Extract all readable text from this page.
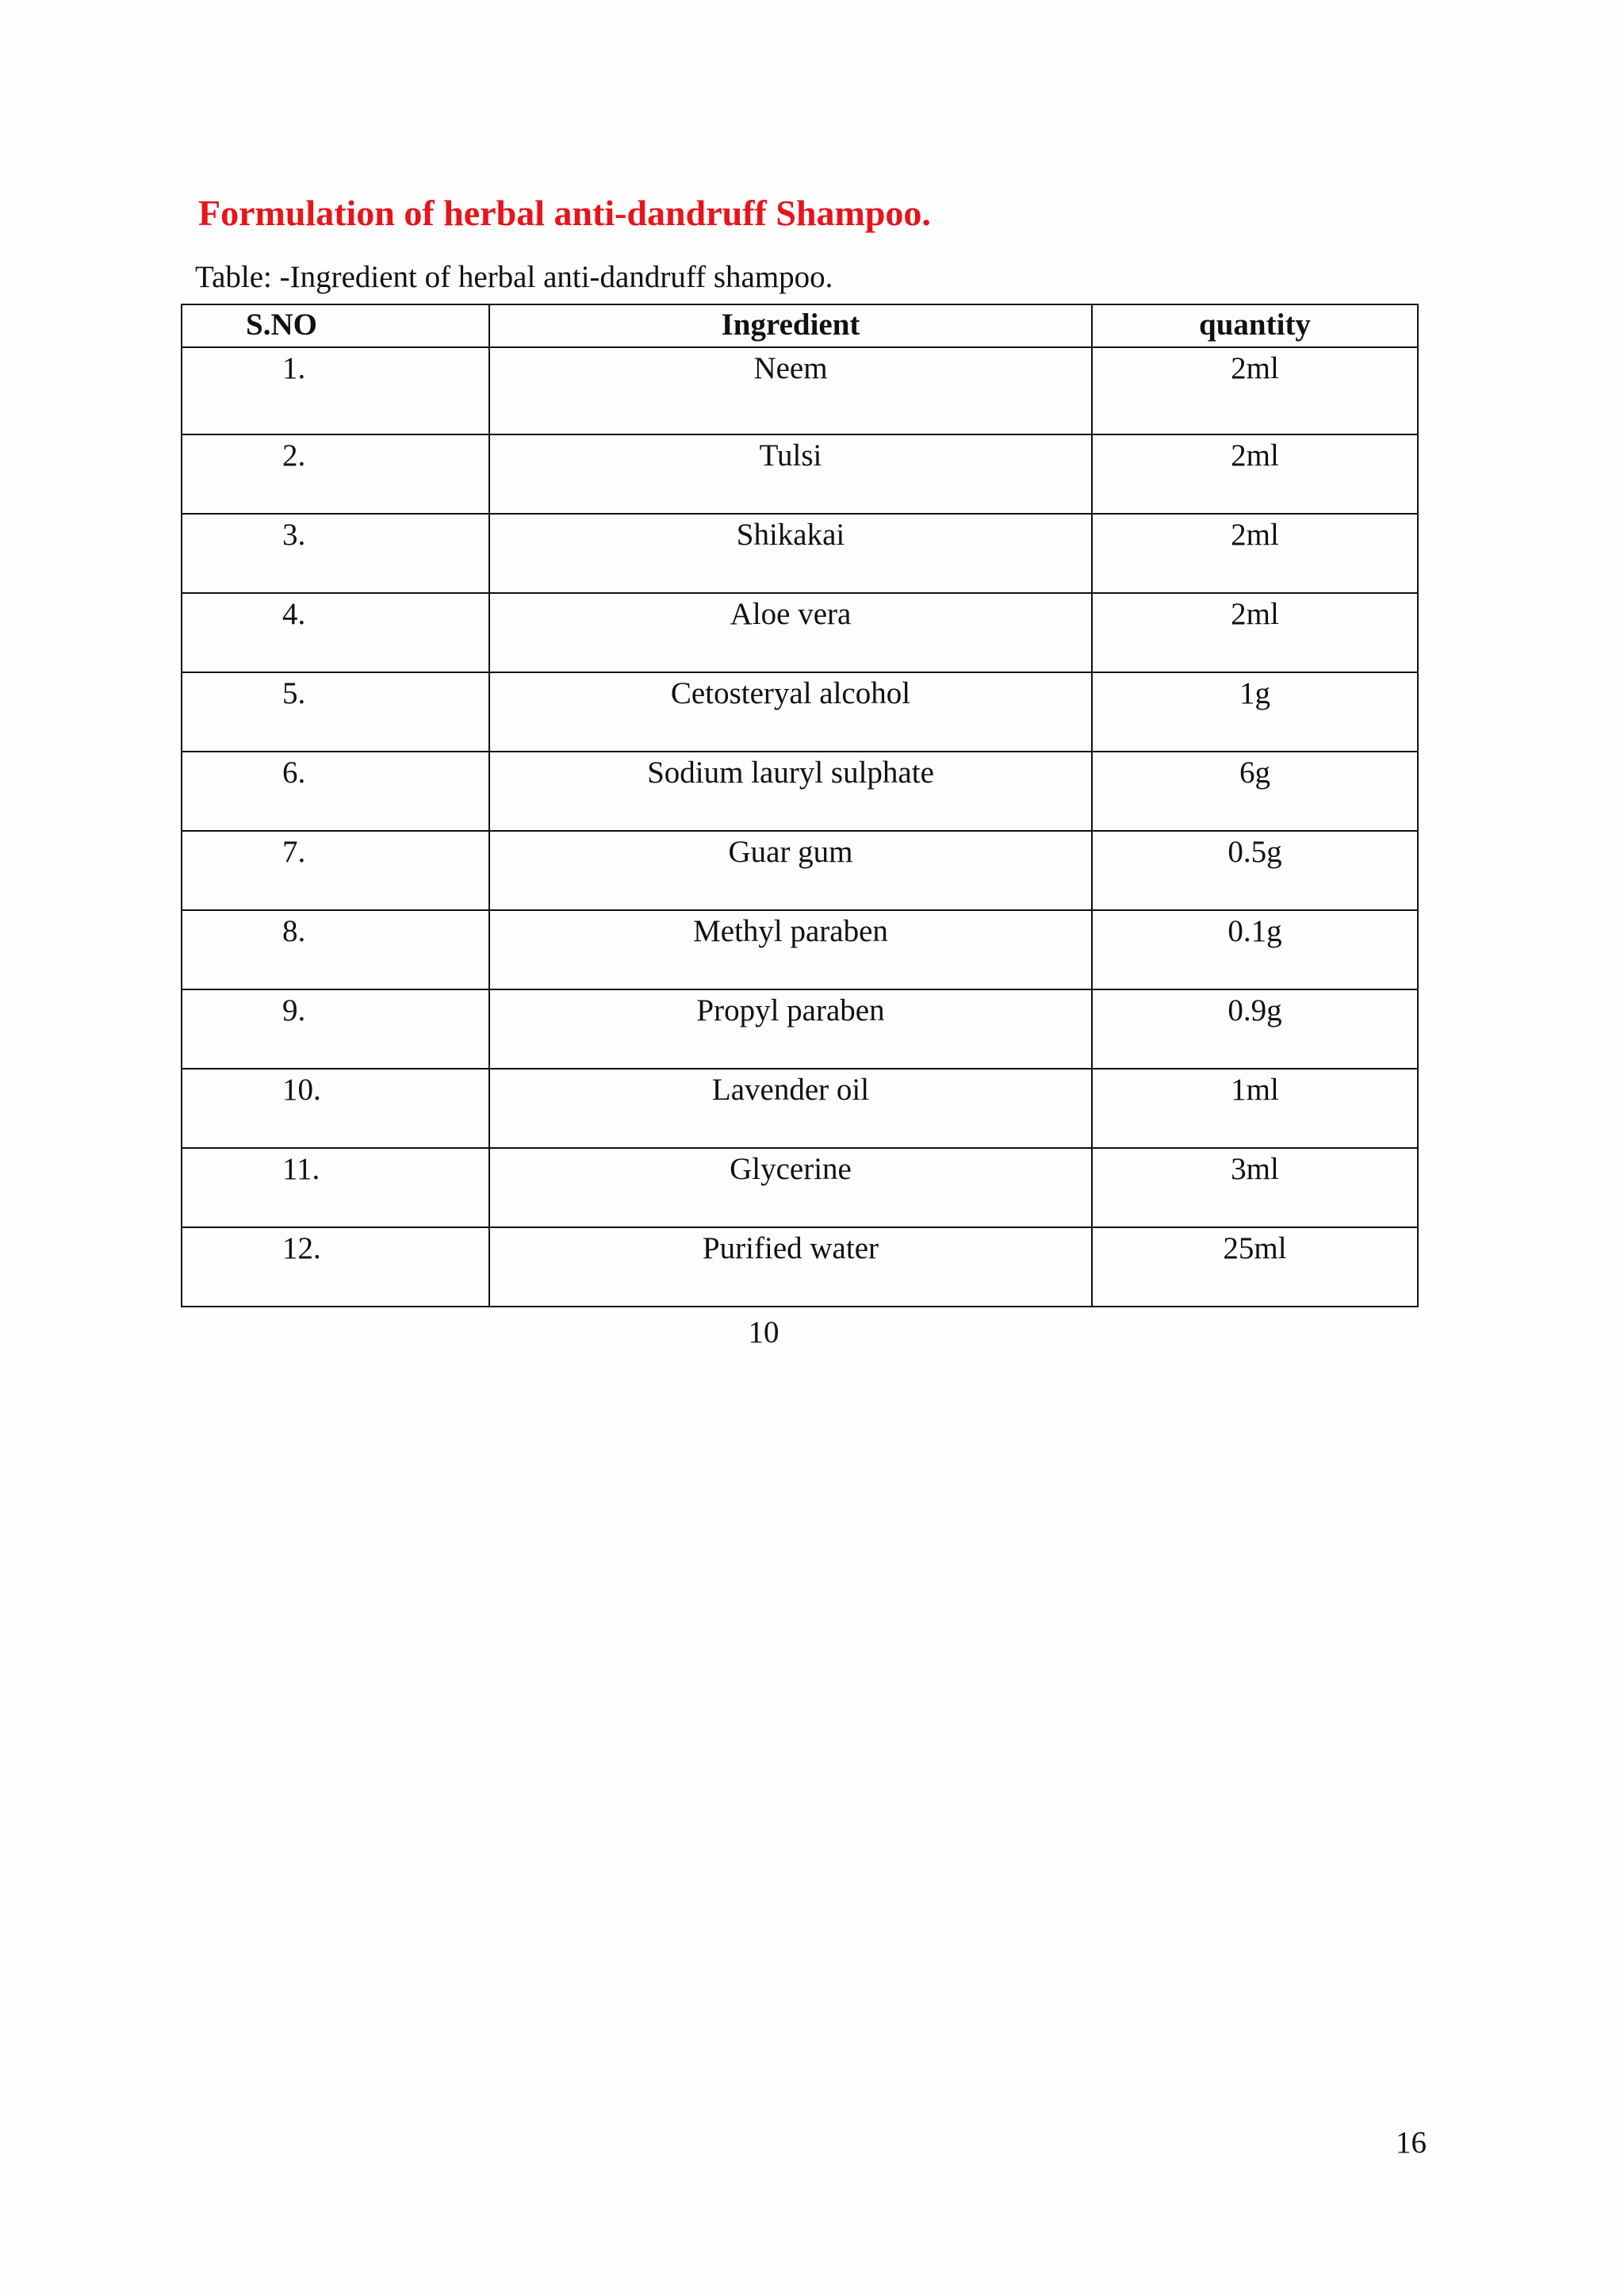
Formulation of herbal anti-dandruff Shampoo.

Table: -Ingredient of herbal anti-dandruff shampoo.

S.NO	Ingredient	quantity
1.	Neem	2ml
2.	Tulsi	2ml
3.	Shikakai	2ml
4.	Aloe vera	2ml
5.	Cetosteryal alcohol	1g
6.	Sodium lauryl sulphate	6g
7.	Guar gum	0.5g
8.	Methyl paraben	0.1g
9.	Propyl paraben	0.9g
10.	Lavender oil	1ml
11.	Glycerine	3ml
12.	Purified water	25ml
10
16
